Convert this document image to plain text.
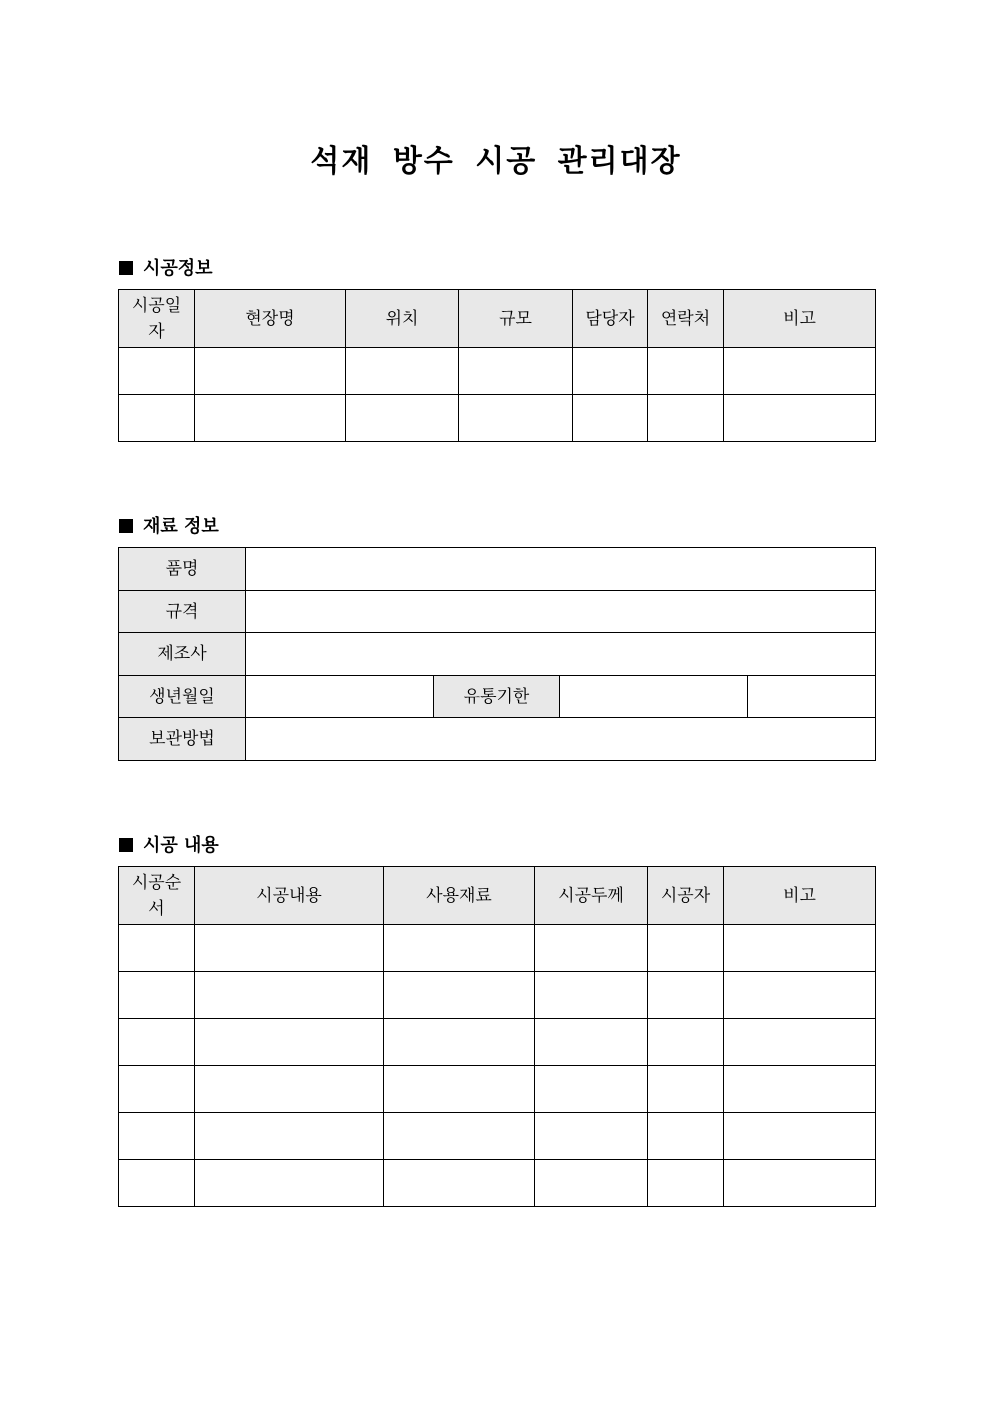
석재 방수 시공 관리대장
시공정보
시공일
자	현장명	위치	규모	담당자	연락처	비고

재료 정보
품명				
규격				
제조사				
생년월일		유통기한		
보관방법				
시공 내용
시공순
서	시공내용	사용재료	시공두께	시공자	비고
